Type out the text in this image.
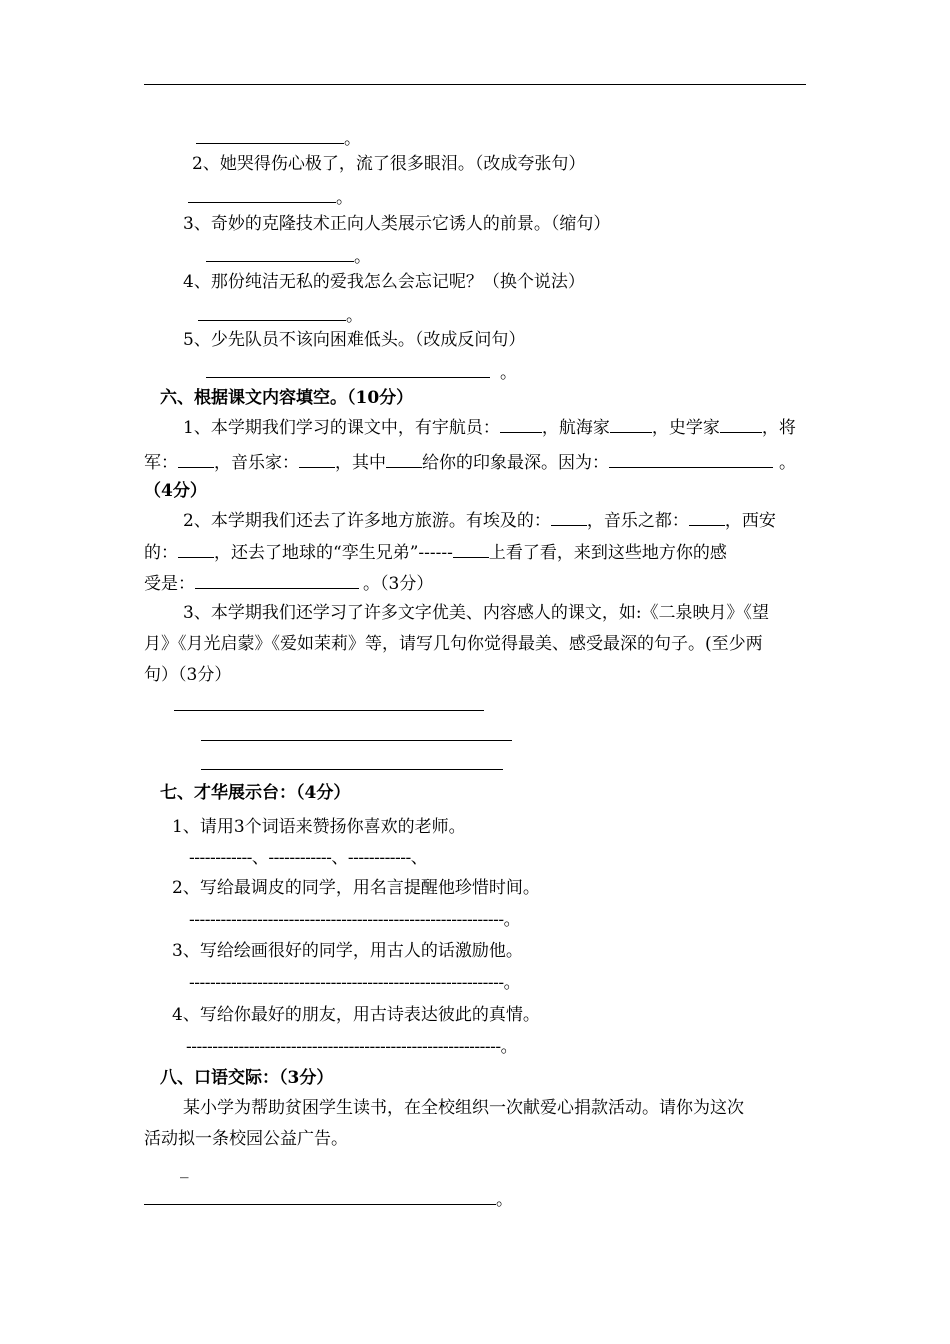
。
2、她哭得伤心极了，流了很多眼泪。（改成夸张句）
。
3、奇妙的克隆技术正向人类展示它诱人的前景。（缩句）
。
4、那份纯洁无私的爱我怎么会忘记呢？（换个说法）
。
5、少先队员不该向困难低头。（改成反问句）
。
六、根据课文内容填空。（10分）
1、本学期我们学习的课文中，有宇航员： ，航海家 ，史学家 ，将
军： ，音乐家： ，其中 给你的印象最深。因为：	。
（4分）
2、本学期我们还去了许多地方旅游。有埃及的： ，音乐之都： ，西安
的： ，还去了地球的“孪生兄弟”------ 上看了看，来到这些地方你的感
受是：	。（3分）
3、本学期我们还学习了许多文字优美、内容感人的课文，如:《二泉映月》《望
月》《月光启蒙》《爱如茉莉》等，请写几句你觉得最美、感受最深的句子。(至少两
句）（3分）
七、才华展示台：（4分）
1、请用3个词语来赞扬你喜欢的老师。
------------、------------、------------、
2、写给最调皮的同学，用名言提醒他珍惜时间。
------------------------------------------------------------。
3、写给绘画很好的同学，用古人的话激励他。
------------------------------------------------------------。
4、写给你最好的朋友，用古诗表达彼此的真情。
------------------------------------------------------------。
八、口语交际：（3分）
某小学为帮助贫困学生读书，在全校组织一次献爱心捐款活动。请你为这次
活动拟一条校园公益广告。
_
。
